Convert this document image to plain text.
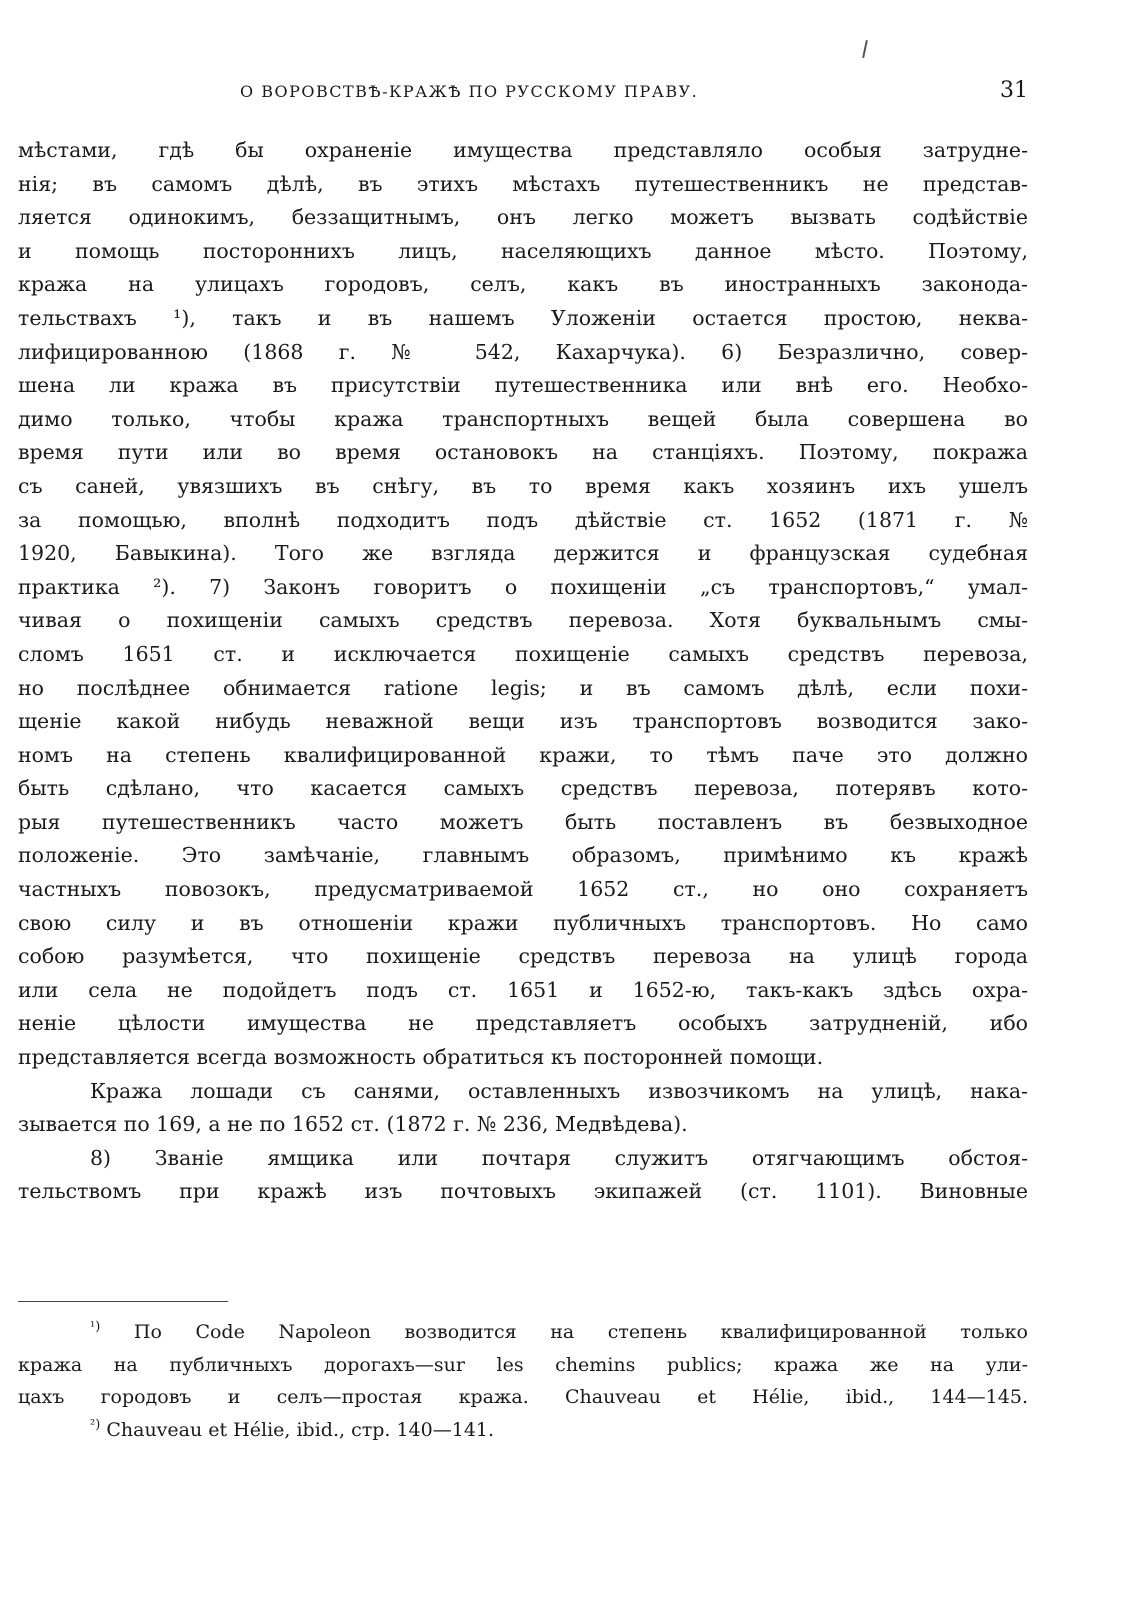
О ВОРОВСТВѢ-КРАЖѢ ПО РУССКОМУ ПРАВУ.	31
мѣстами, гдѣ бы охраненіе имущества представляло особыя затрудне-
нія; въ самомъ дѣлѣ, въ этихъ мѣстахъ путешественникъ не представ-
ляется одинокимъ, беззащитнымъ, онъ легко можетъ вызвать содѣйствіе
и помощь постороннихъ лицъ, населяющихъ данное мѣсто. Поэтому,
кража на улицахъ городовъ, селъ, какъ въ иностранныхъ законода-
тельствахъ ¹), такъ и въ нашемъ Уложеніи остается простою, неква-
лифицированною (1868 г. № 542, Кахарчука). 6) Безразлично, совер-
шена ли кража въ присутствіи путешественника или внѣ его. Необхо-
димо только, чтобы кража транспортныхъ вещей была совершена во
время пути или во время остановокъ на станціяхъ. Поэтому, покража
съ саней, увязшихъ въ снѣгу, въ то время какъ хозяинъ ихъ ушелъ
за помощью, вполнѣ подходитъ подъ дѣйствіе ст. 1652 (1871 г. №
1920, Бавыкина). Того же взгляда держится и французская судебная
практика ²). 7) Законъ говоритъ о похищеніи „съ транспортовъ,“ умал-
чивая о похищеніи самыхъ средствъ перевоза. Хотя буквальнымъ смы-
сломъ 1651 ст. и исключается похищеніе самыхъ средствъ перевоза,
но послѣднее обнимается ratione legis; и въ самомъ дѣлѣ, если похи-
щеніе какой нибудь неважной вещи изъ транспортовъ возводится зако-
номъ на степень квалифицированной кражи, то тѣмъ паче это должно
быть сдѣлано, что касается самыхъ средствъ перевоза, потерявъ кото-
рыя путешественникъ часто можетъ быть поставленъ въ безвыходное
положеніе. Это замѣчаніе, главнымъ образомъ, примѣнимо къ кражѣ
частныхъ повозокъ, предусматриваемой 1652 ст., но оно сохраняетъ
свою силу и въ отношеніи кражи публичныхъ транспортовъ. Но само
собою разумѣется, что похищеніе средствъ перевоза на улицѣ города
или села не подойдетъ подъ ст. 1651 и 1652-ю, такъ-какъ здѣсь охра-
неніе цѣлости имущества не представляетъ особыхъ затрудненій, ибо
представляется всегда возможность обратиться къ посторонней помощи.
Кража лошади съ санями, оставленныхъ извозчикомъ на улицѣ, нака-
зывается по 169, а не по 1652 ст. (1872 г. № 236, Медвѣдева).
8) Званіе ямщика или почтаря служитъ отягчающимъ обстоя-
тельствомъ при кражѣ изъ почтовыхъ экипажей (ст. 1101). Виновные
$^{^1)}$ По Code Napoleon возводится на степень квалифицированной только
кража на публичныхъ дорогахъ—sur les chemins publics; кража же на ули-
цахъ городовъ и селъ—простая кража. Chauveau et Hélie, ibid., 144—145.
$^{^2)}$ Chauveau et Hélie, ibid., стр. 140—141.
